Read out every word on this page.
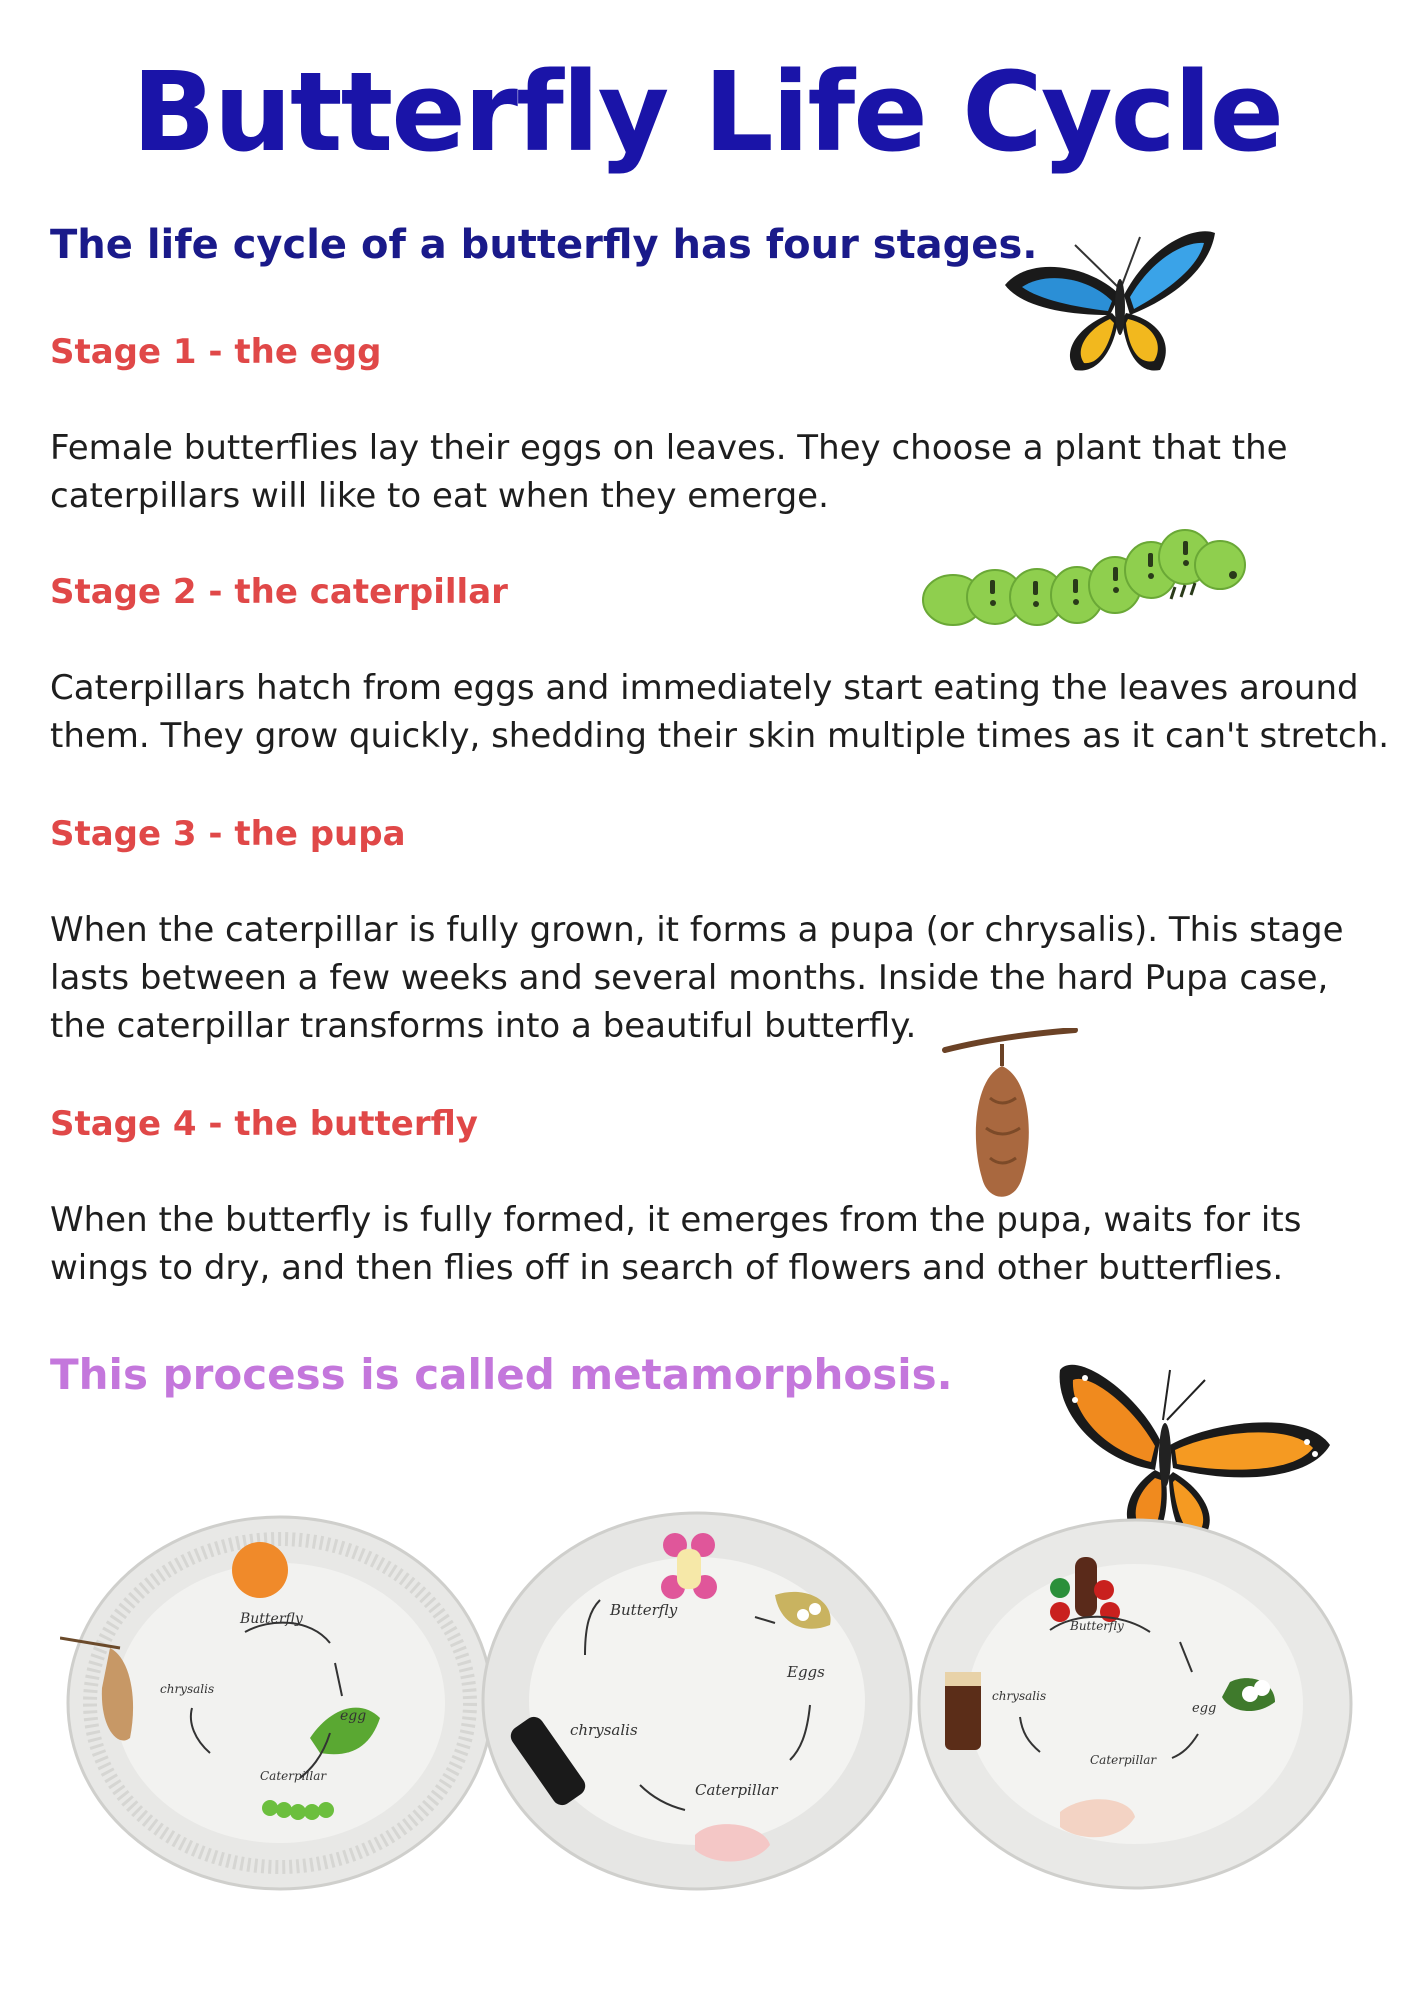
Butterfly Life Cycle
The life cycle of a butterfly has four stages.
Stage 1 - the egg

Female butterflies lay their eggs on leaves. They choose a plant that the caterpillars will like to eat when they emerge.

Stage 2 - the caterpillar

Caterpillars hatch from eggs and immediately start eating the leaves around them. They grow quickly, shedding their skin multiple times as it can't stretch.

Stage 3 - the pupa

When the caterpillar is fully grown, it forms a pupa (or chrysalis). This stage lasts between a few weeks and several months. Inside the hard Pupa case, the caterpillar transforms into a beautiful butterfly.

Stage 4 - the butterfly

When the butterfly is fully formed, it emerges from the pupa, waits for its wings to dry, and then flies off in search of flowers and other butterflies.

This process is called metamorphosis.
Butterfly
egg
Caterpillar
chrysalis
Butterfly
Eggs
Caterpillar
chrysalis
Butterfly
egg
Caterpillar
chrysalis
